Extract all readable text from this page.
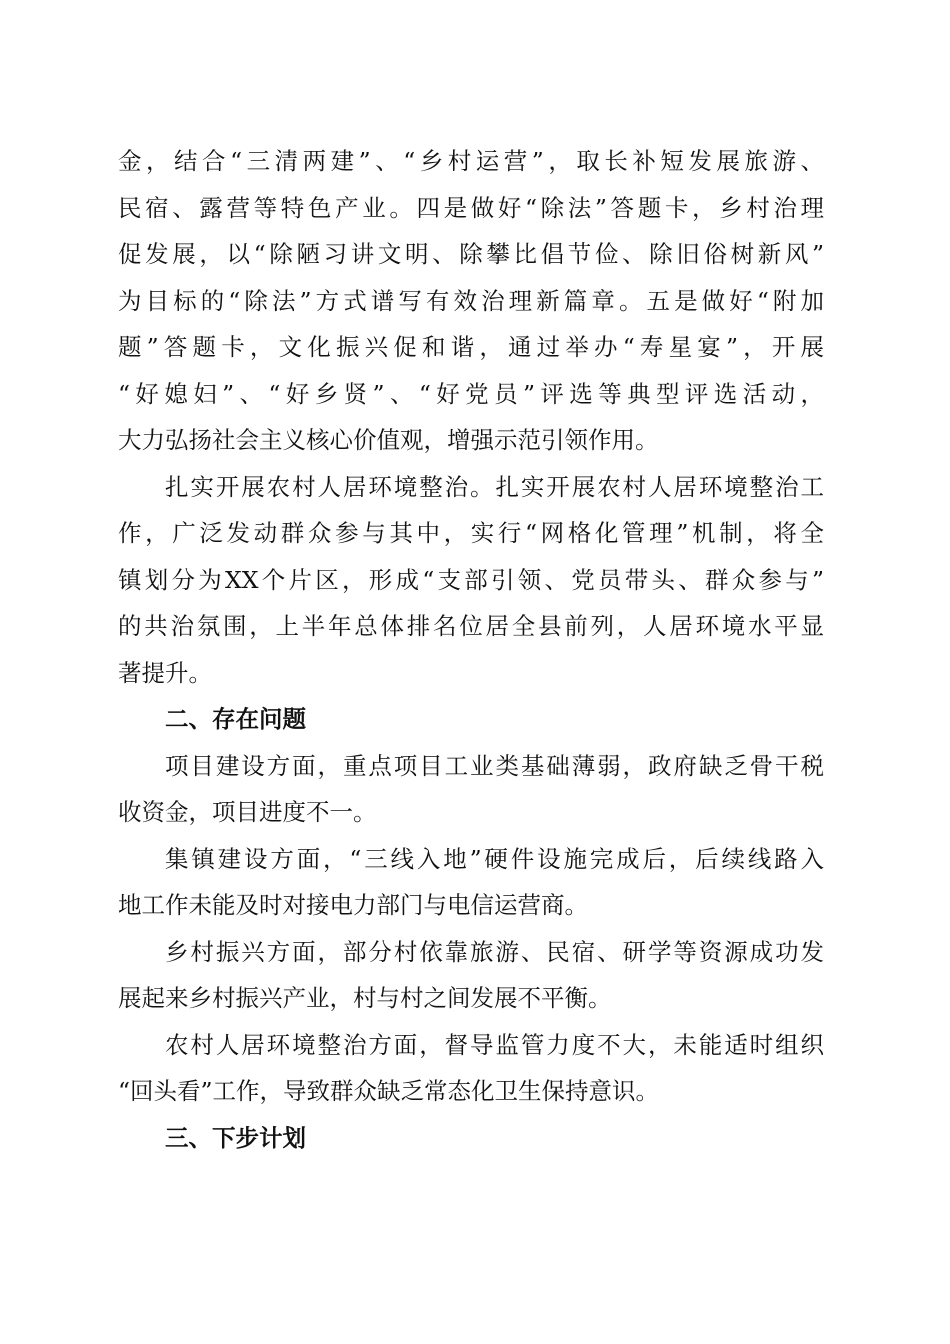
金，结合“三清两建”、“乡村运营”，取长补短发展旅游、
民宿、露营等特色产业。四是做好“除法”答题卡，乡村治理
促发展，以“除陋习讲文明、除攀比倡节俭、除旧俗树新风”
为目标的“除法”方式谱写有效治理新篇章。五是做好“附加
题”答题卡，文化振兴促和谐，通过举办“寿星宴”，开展
“好媳妇”、“好乡贤”、“好党员”评选等典型评选活动，
大力弘扬社会主义核心价值观，增强示范引领作用。
扎实开展农村人居环境整治。扎实开展农村人居环境整治工
作，广泛发动群众参与其中，实行“网格化管理”机制，将全
镇划分为XX个片区，形成“支部引领、党员带头、群众参与”
的共治氛围，上半年总体排名位居全县前列，人居环境水平显
著提升。
二、存在问题
项目建设方面，重点项目工业类基础薄弱，政府缺乏骨干税
收资金，项目进度不一。
集镇建设方面，“三线入地”硬件设施完成后，后续线路入
地工作未能及时对接电力部门与电信运营商。
乡村振兴方面，部分村依靠旅游、民宿、研学等资源成功发
展起来乡村振兴产业，村与村之间发展不平衡。
农村人居环境整治方面，督导监管力度不大，未能适时组织
“回头看”工作，导致群众缺乏常态化卫生保持意识。
三、下步计划
